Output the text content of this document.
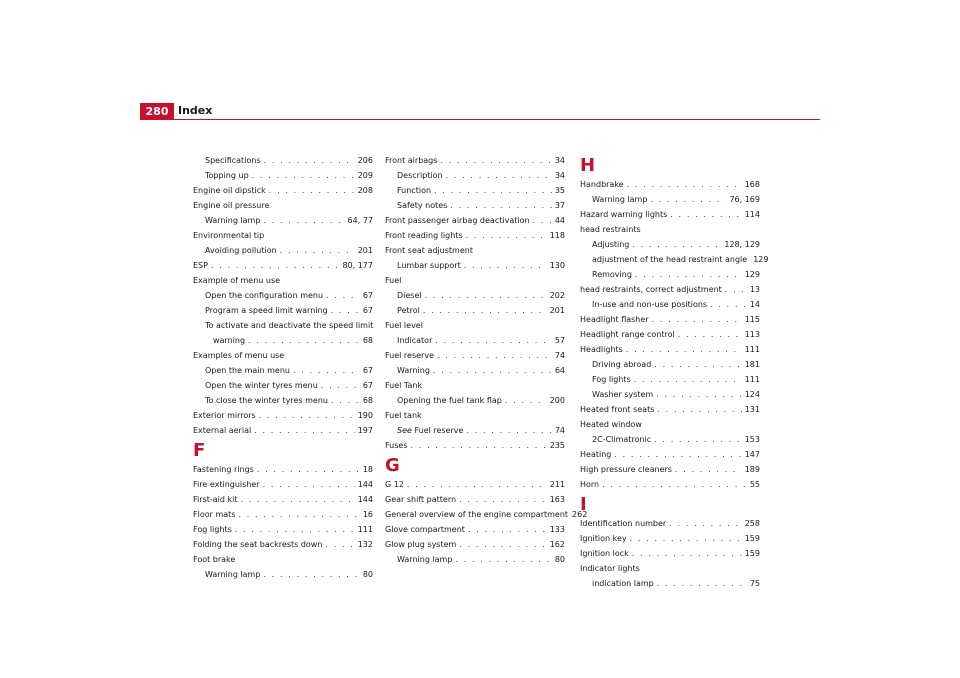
280 Index
Specifications . . .	206
Topping up . . .	209
Engine oil dipstick . . .	208
Engine oil pressure
Warning lamp . . .	64, 77
Environmental tip
Avoiding pollution . . .	201
ESP . . .	80, 177
Example of menu use
Open the configuration menu . . .	67
Program a speed limit warning . . .	67
To activate and deactivate the speed limit
warning . . .	68
Examples of menu use
Open the main menu . . .	67
Open the winter tyres menu . . .	67
To close the winter tyres menu . . .	68
Exterior mirrors . . .	190
External aerial . . .	197
F
Fastening rings . . .	18
Fire extinguisher . . .	144
First-aid kit . . .	144
Floor mats . . .	16
Fog lights . . .	111
Folding the seat backrests down . . .	132
Foot brake
Warning lamp . . .	80
Front airbags . . .	34
Description . . .	34
Function . . .	35
Safety notes . . .	37
Front passenger airbag deactivation . . .	44
Front reading lights . . .	118
Front seat adjustment
Lumbar support . . .	130
Fuel
Diesel . . .	202
Petrol . . .	201
Fuel level
Indicator . . .	57
Fuel reserve . . .	74
Warning . . .	64
Fuel Tank
Opening the fuel tank flap . . .	200
Fuel tank
See Fuel reserve . . .	74
Fuses . . .	235
G
G 12 . . .	211
Gear shift pattern . . .	163
General overview of the engine compartment 262
Glove compartment . . .	133
Glow plug system . . .	162
Warning lamp . . .	80
H
Handbrake . . .	168
Warning lamp . . .	76, 169
Hazard warning lights . . .	114
head restraints
Adjusting . . .	128, 129
adjustment of the head restraint angle 129
Removing . . .	129
head restraints, correct adjustment . . .	13
In-use and non-use positions . . .	14
Headlight flasher . . .	115
Headlight range control . . .	113
Headlights . . .	111
Driving abroad . . .	181
Fog lights . . .	111
Washer system . . .	124
Heated front seats . . .	131
Heated window
2C-Climatronic . . .	153
Heating . . .	147
High pressure cleaners . . .	189
Horn . . .	55
I
Identification number . . .	258
Ignition key . . .	159
Ignition lock . . .	159
Indicator lights
indication lamp . . .	75
